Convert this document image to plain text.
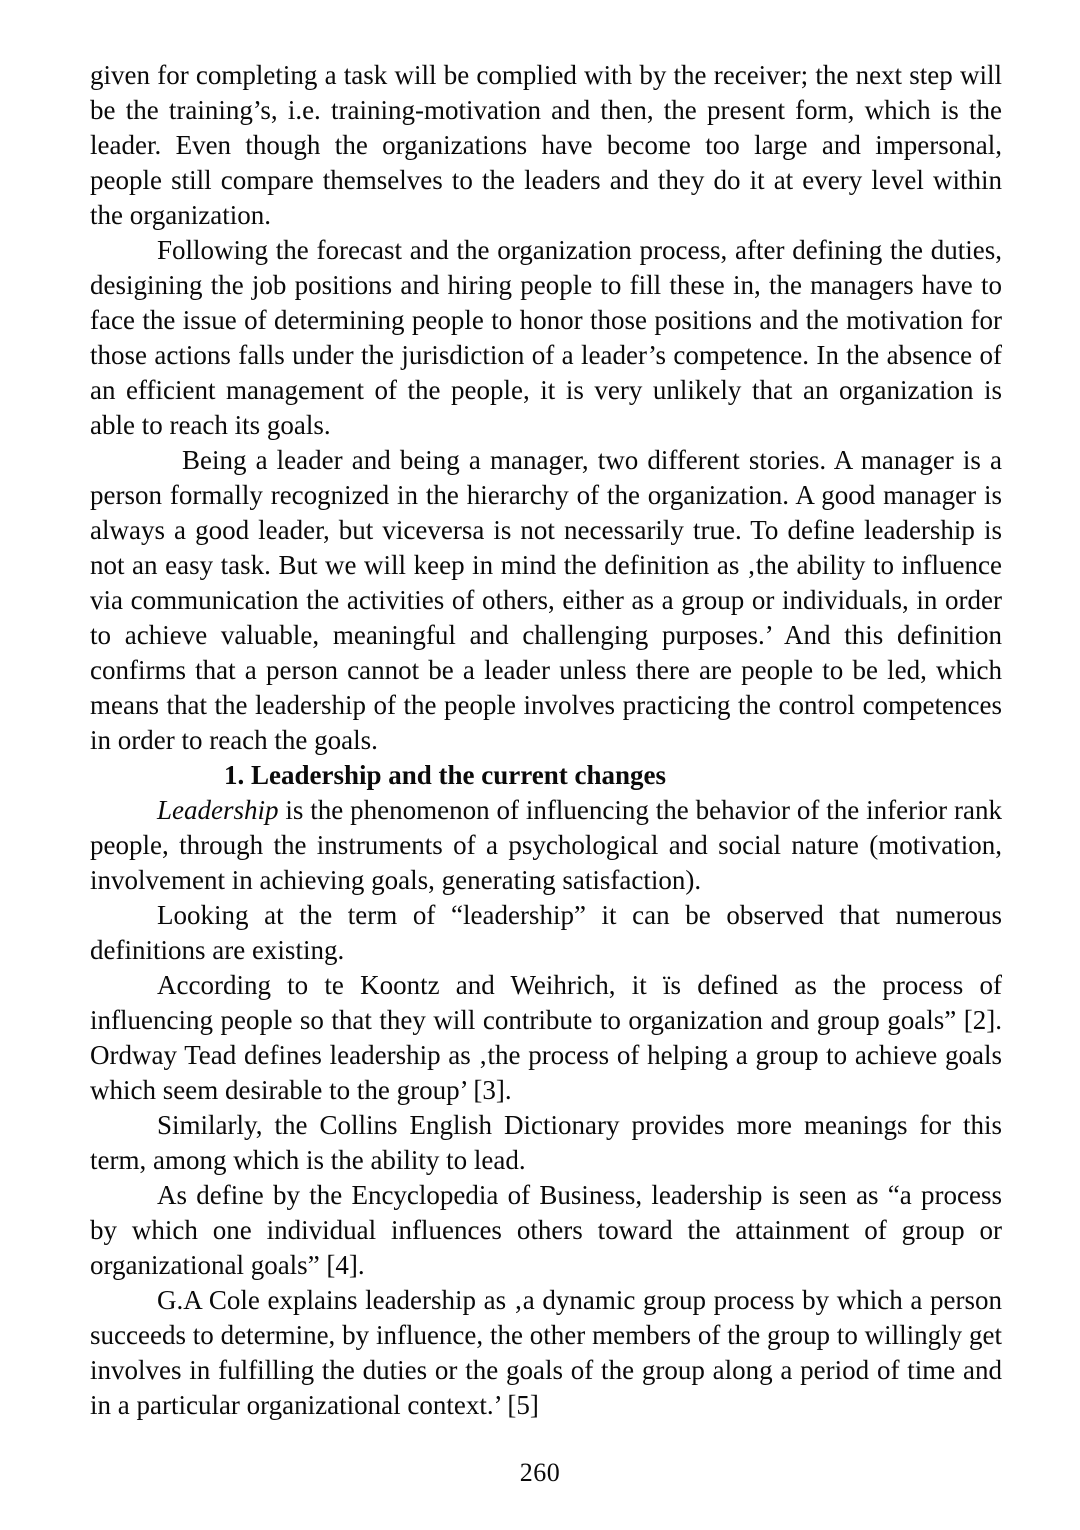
given for completing a task will be complied with by the receiver; the next step will be the training’s, i.e. training-motivation and then, the present form, which is the leader. Even though the organizations have become too large and impersonal, people still compare themselves to the leaders and they do it at every level within the organization.

Following the forecast and the organization process, after defining the duties, desigining the job positions and hiring people to fill these in, the managers have to face the issue of determining people to honor those positions and the motivation for those actions falls under the jurisdiction of a leader’s competence. In the absence of an efficient management of the people, it is very unlikely that an organization is able to reach its goals.

Being a leader and being a manager, two different stories. A manager is a person formally recognized in the hierarchy of the organization. A good manager is always a good leader, but viceversa is not necessarily true. To define leadership is not an easy task. But we will keep in mind the definition as ‚the ability to influence via communication the activities of others, either as a group or individuals, in order to achieve valuable, meaningful and challenging purposes.’ And this definition confirms that a person cannot be a leader unless there are people to be led, which means that the leadership of the people involves practicing the control competences in order to reach the goals.

1. Leadership and the current changes

Leadership is the phenomenon of influencing the behavior of the inferior rank people, through the instruments of a psychological and social nature (motivation, involvement in achieving goals, generating satisfaction).

Looking at the term of “leadership” it can be observed that numerous definitions are existing.

According to te Koontz and Weihrich, it ïs defined as the process of influencing people so that they will contribute to organization and group goals” [2]. Ordway Tead defines leadership as ‚the process of helping a group to achieve goals which seem desirable to the group’ [3].

Similarly, the Collins English Dictionary provides more meanings for this term, among which is the ability to lead.

As define by the Encyclopedia of Business, leadership is seen as “a process by which one individual influences others toward the attainment of group or organizational goals” [4].

G.A Cole explains leadership as ‚a dynamic group process by which a person succeeds to determine, by influence, the other members of the group to willingly get involves in fulfilling the duties or the goals of the group along a period of time and in a particular organizational context.’ [5]

260
